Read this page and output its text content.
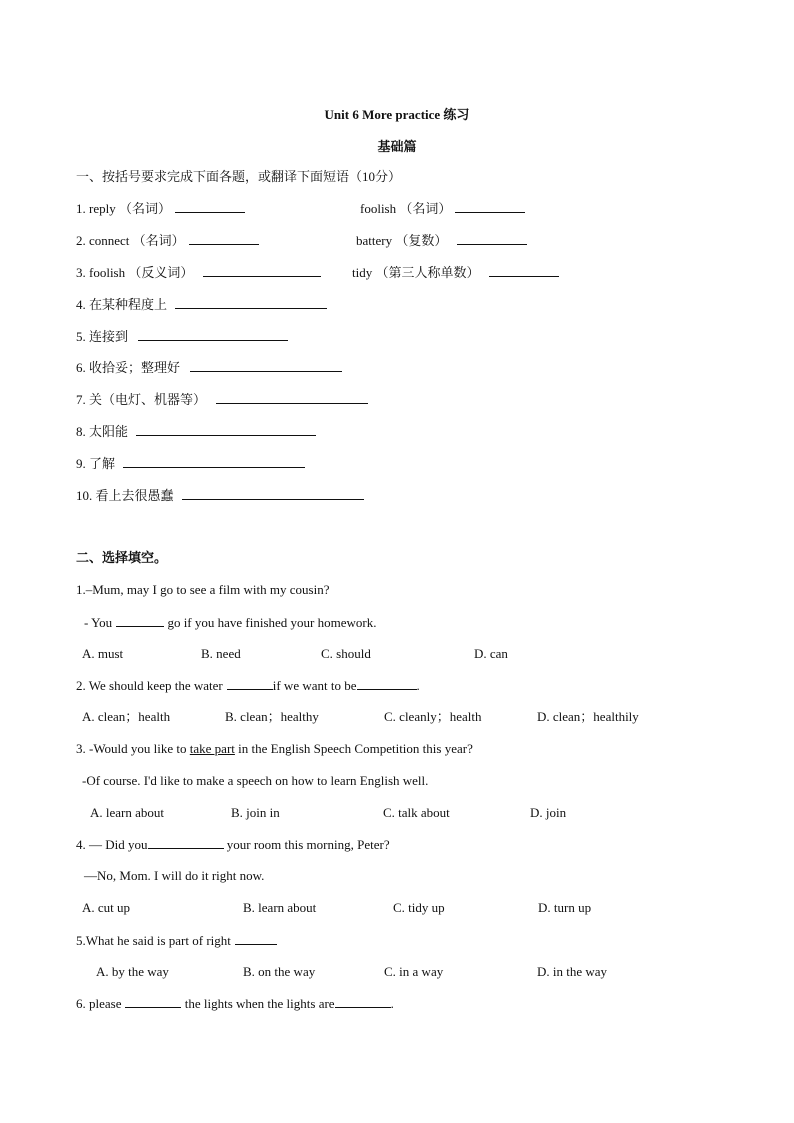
Unit 6 More practice 练习
基础篇
一、按括号要求完成下面各题，或翻译下面短语（10分）
1. reply （名词）	foolish （名词）
2. connect （名词）	battery （复数）
3. foolish （反义词）	tidy （第三人称单数）
4. 在某种程度上
5. 连接到
6. 收拾妥；整理好
7. 关（电灯、机器等）
8. 太阳能
9. 了解
10. 看上去很愚蠢
二、选择填空。
1.–Mum, may I go to see a film with my cousin?
- You	go if you have finished your homework.
A. must	B. need	C. should	D. can
2. We should keep the water	if we want to be	.
A. clean；health	B. clean；healthy	C. cleanly；health	D. clean；healthily
3. -Would you like to take part in the English Speech Competition this year?
-Of course. I'd like to make a speech on how to learn English well.
A. learn about	B. join in	C. talk about	D. join
4. — Did you	your room this morning, Peter?
—No, Mom. I will do it right now.
A. cut up	B. learn about	C. tidy up	D. turn up
5.What he said is part of right
A. by the way	B. on the way	C. in a way	D. in the way
6. please	the lights when the lights are	.
